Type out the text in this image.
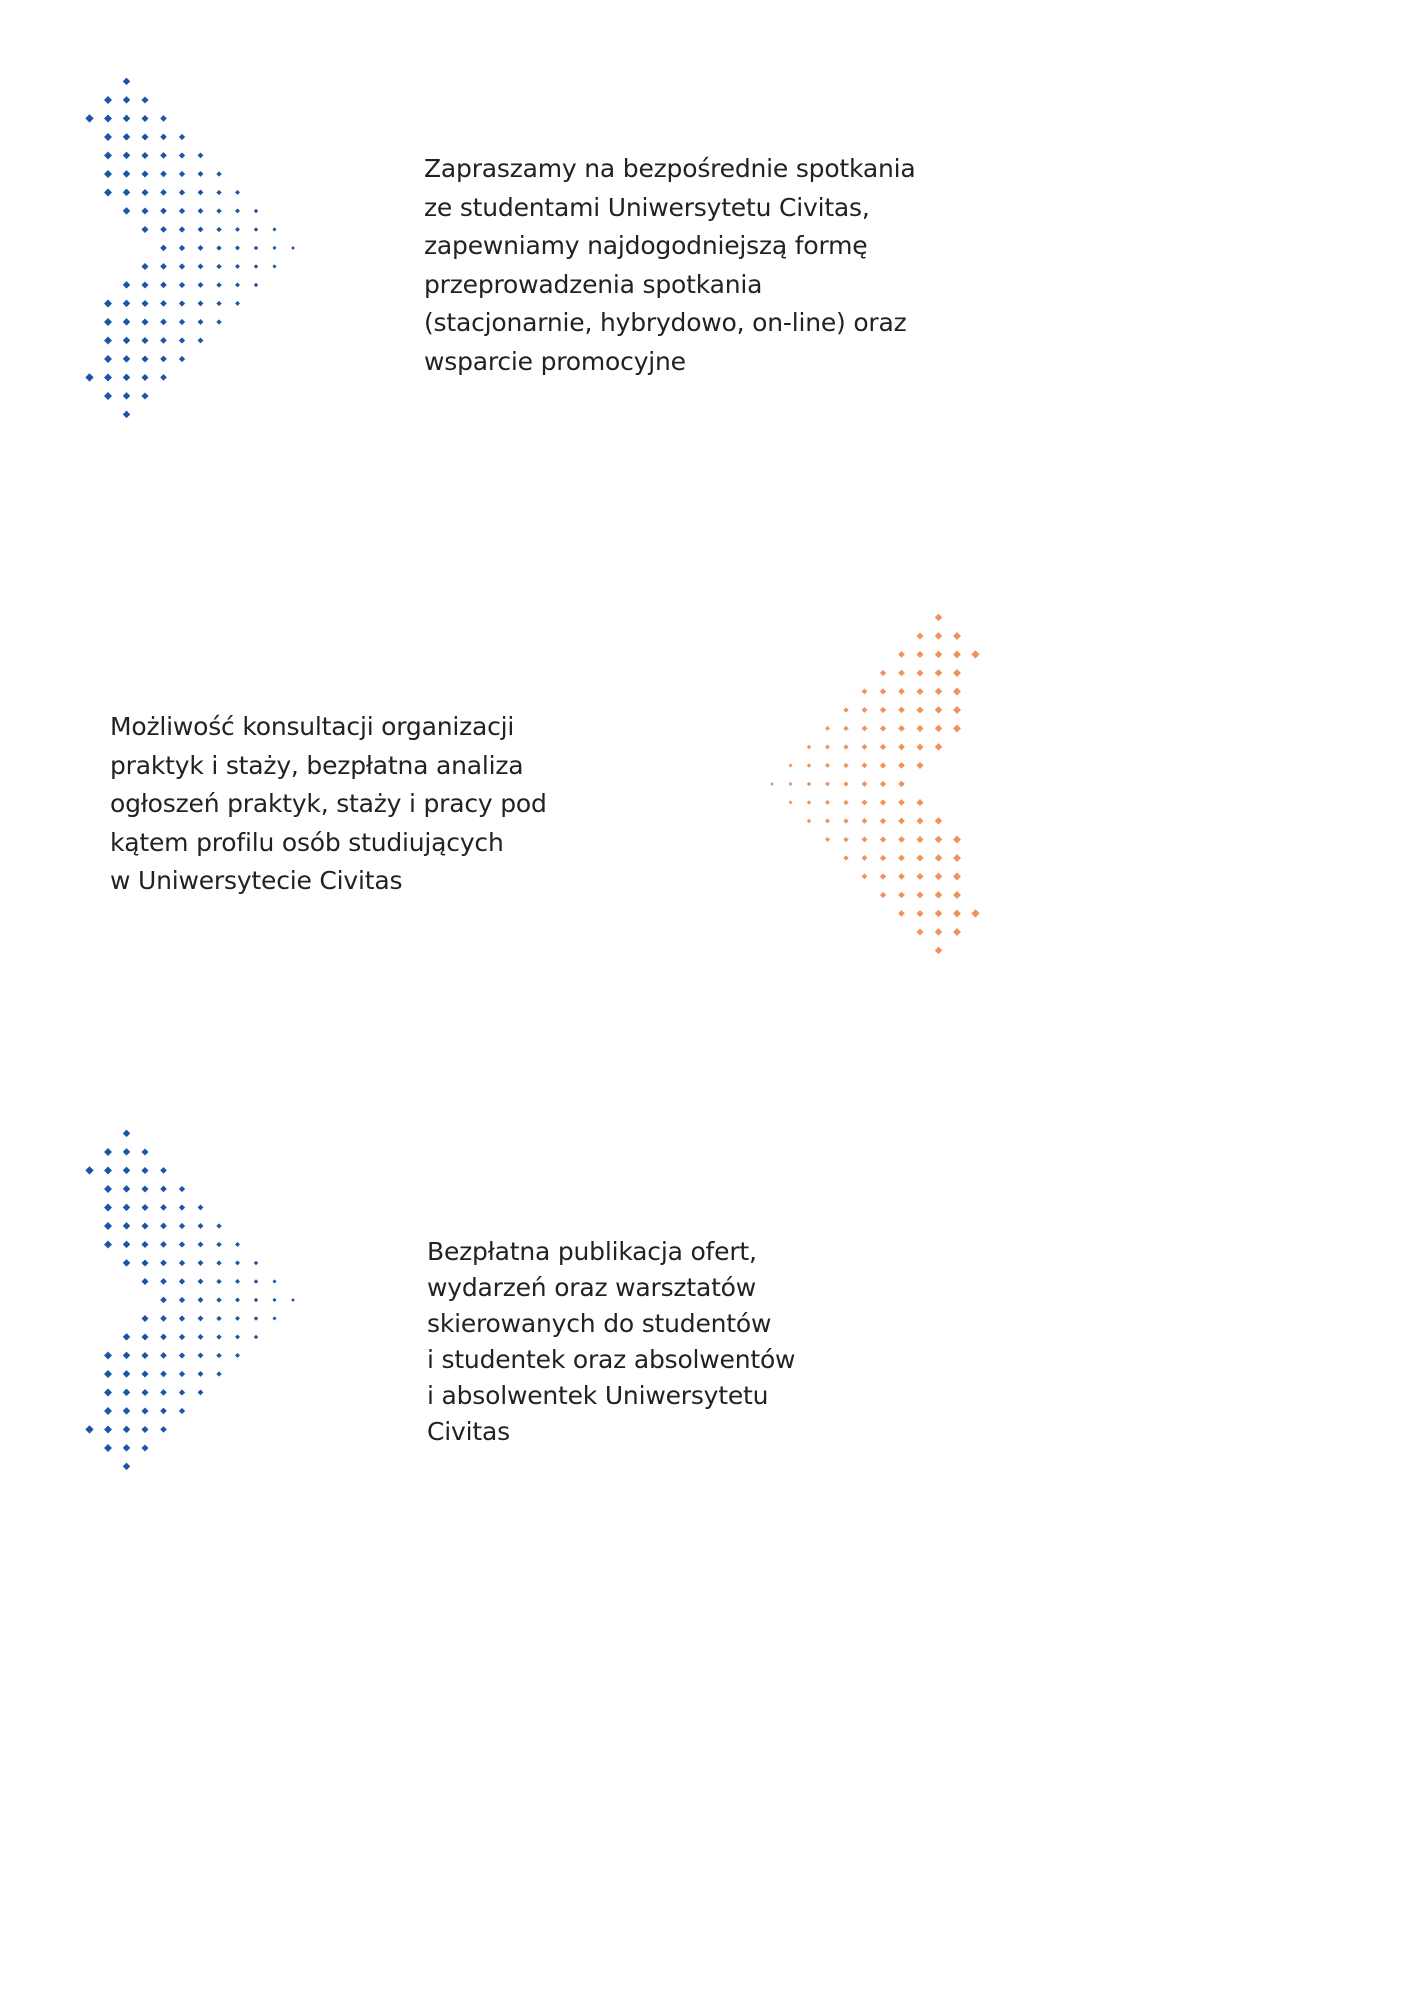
Zapraszamy na bezpośrednie spotkania
ze studentami Uniwersytetu Civitas,
zapewniamy najdogodniejszą formę
przeprowadzenia spotkania
(stacjonarnie, hybrydowo, on-line) oraz
wsparcie promocyjne

Możliwość konsultacji organizacji
praktyk i staży, bezpłatna analiza
ogłoszeń praktyk, staży i pracy pod
kątem profilu osób studiujących
w Uniwersytecie Civitas

Bezpłatna publikacja ofert,
wydarzeń oraz warsztatów
skierowanych do studentów
i studentek oraz absolwentów
i absolwentek Uniwersytetu
Civitas
